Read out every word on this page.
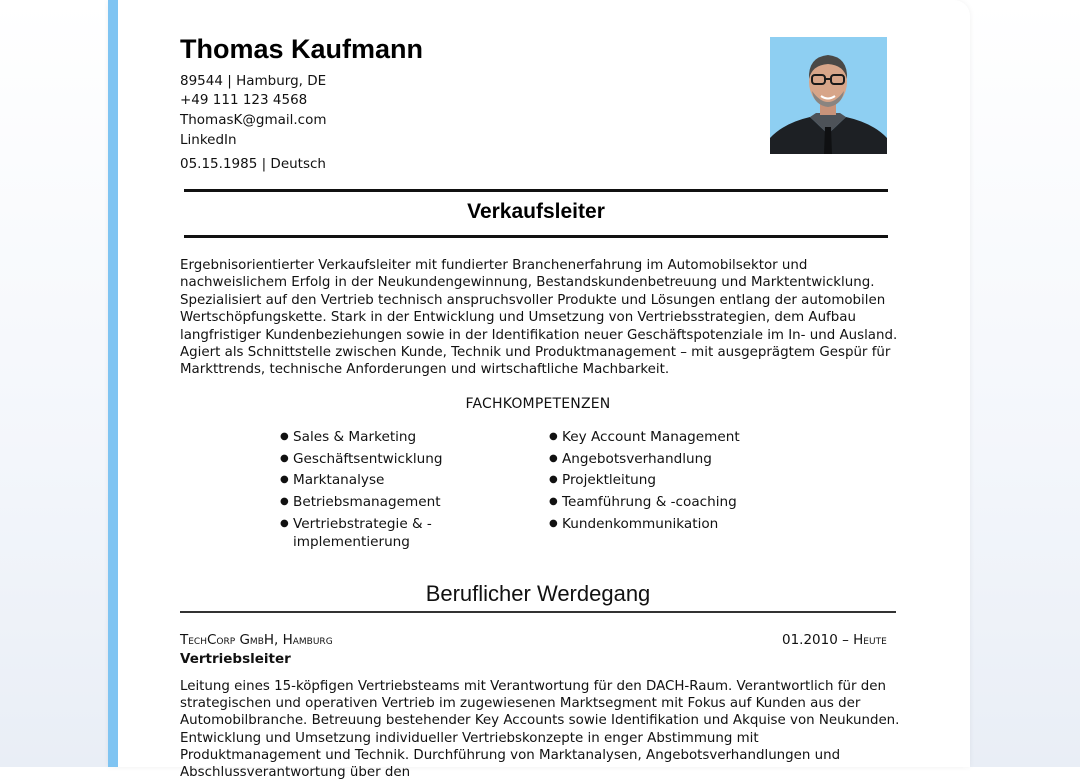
Thomas Kaufmann
89544 | Hamburg, DE
+49 111 123 4568
ThomasK@gmail.com
LinkedIn
05.15.1985 | Deutsch
Verkaufsleiter

Ergebnisorientierter Verkaufsleiter mit fundierter Branchenerfahrung im Automobilsektor und nachweislichem Erfolg in der Neukundengewinnung, Bestandskundenbetreuung und Marktentwicklung. Spezialisiert auf den Vertrieb technisch anspruchsvoller Produkte und Lösungen entlang der automobilen Wertschöpfungskette. Stark in der Entwicklung und Umsetzung von Vertriebsstrategien, dem Aufbau langfristiger Kundenbeziehungen sowie in der Identifikation neuer Geschäftspotenziale im In- und Ausland. Agiert als Schnittstelle zwischen Kunde, Technik und Produktmanagement – mit ausgeprägtem Gespür für Markttrends, technische Anforderungen und wirtschaftliche Machbarkeit.

FACHKOMPETENZEN
● Sales & Marketing
● Geschäftsentwicklung
● Marktanalyse
● Betriebsmanagement
● Vertriebstrategie & -implementierung
● Key Account Management
● Angebotsverhandlung
● Projektleitung
● Teamführung & -coaching
● Kundenkommunikation
Beruflicher Werdegang
TechCorp GmbH, Hamburg	01.2010 – Heute
Vertriebsleiter

Leitung eines 15-köpfigen Vertriebsteams mit Verantwortung für den DACH-Raum. Verantwortlich für den strategischen und operativen Vertrieb im zugewiesenen Marktsegment mit Fokus auf Kunden aus der Automobilbranche. Betreuung bestehender Key Accounts sowie Identifikation und Akquise von Neukunden. Entwicklung und Umsetzung individueller Vertriebskonzepte in enger Abstimmung mit Produktmanagement und Technik. Durchführung von Marktanalysen, Angebotsverhandlungen und Abschlussverantwortung über den
